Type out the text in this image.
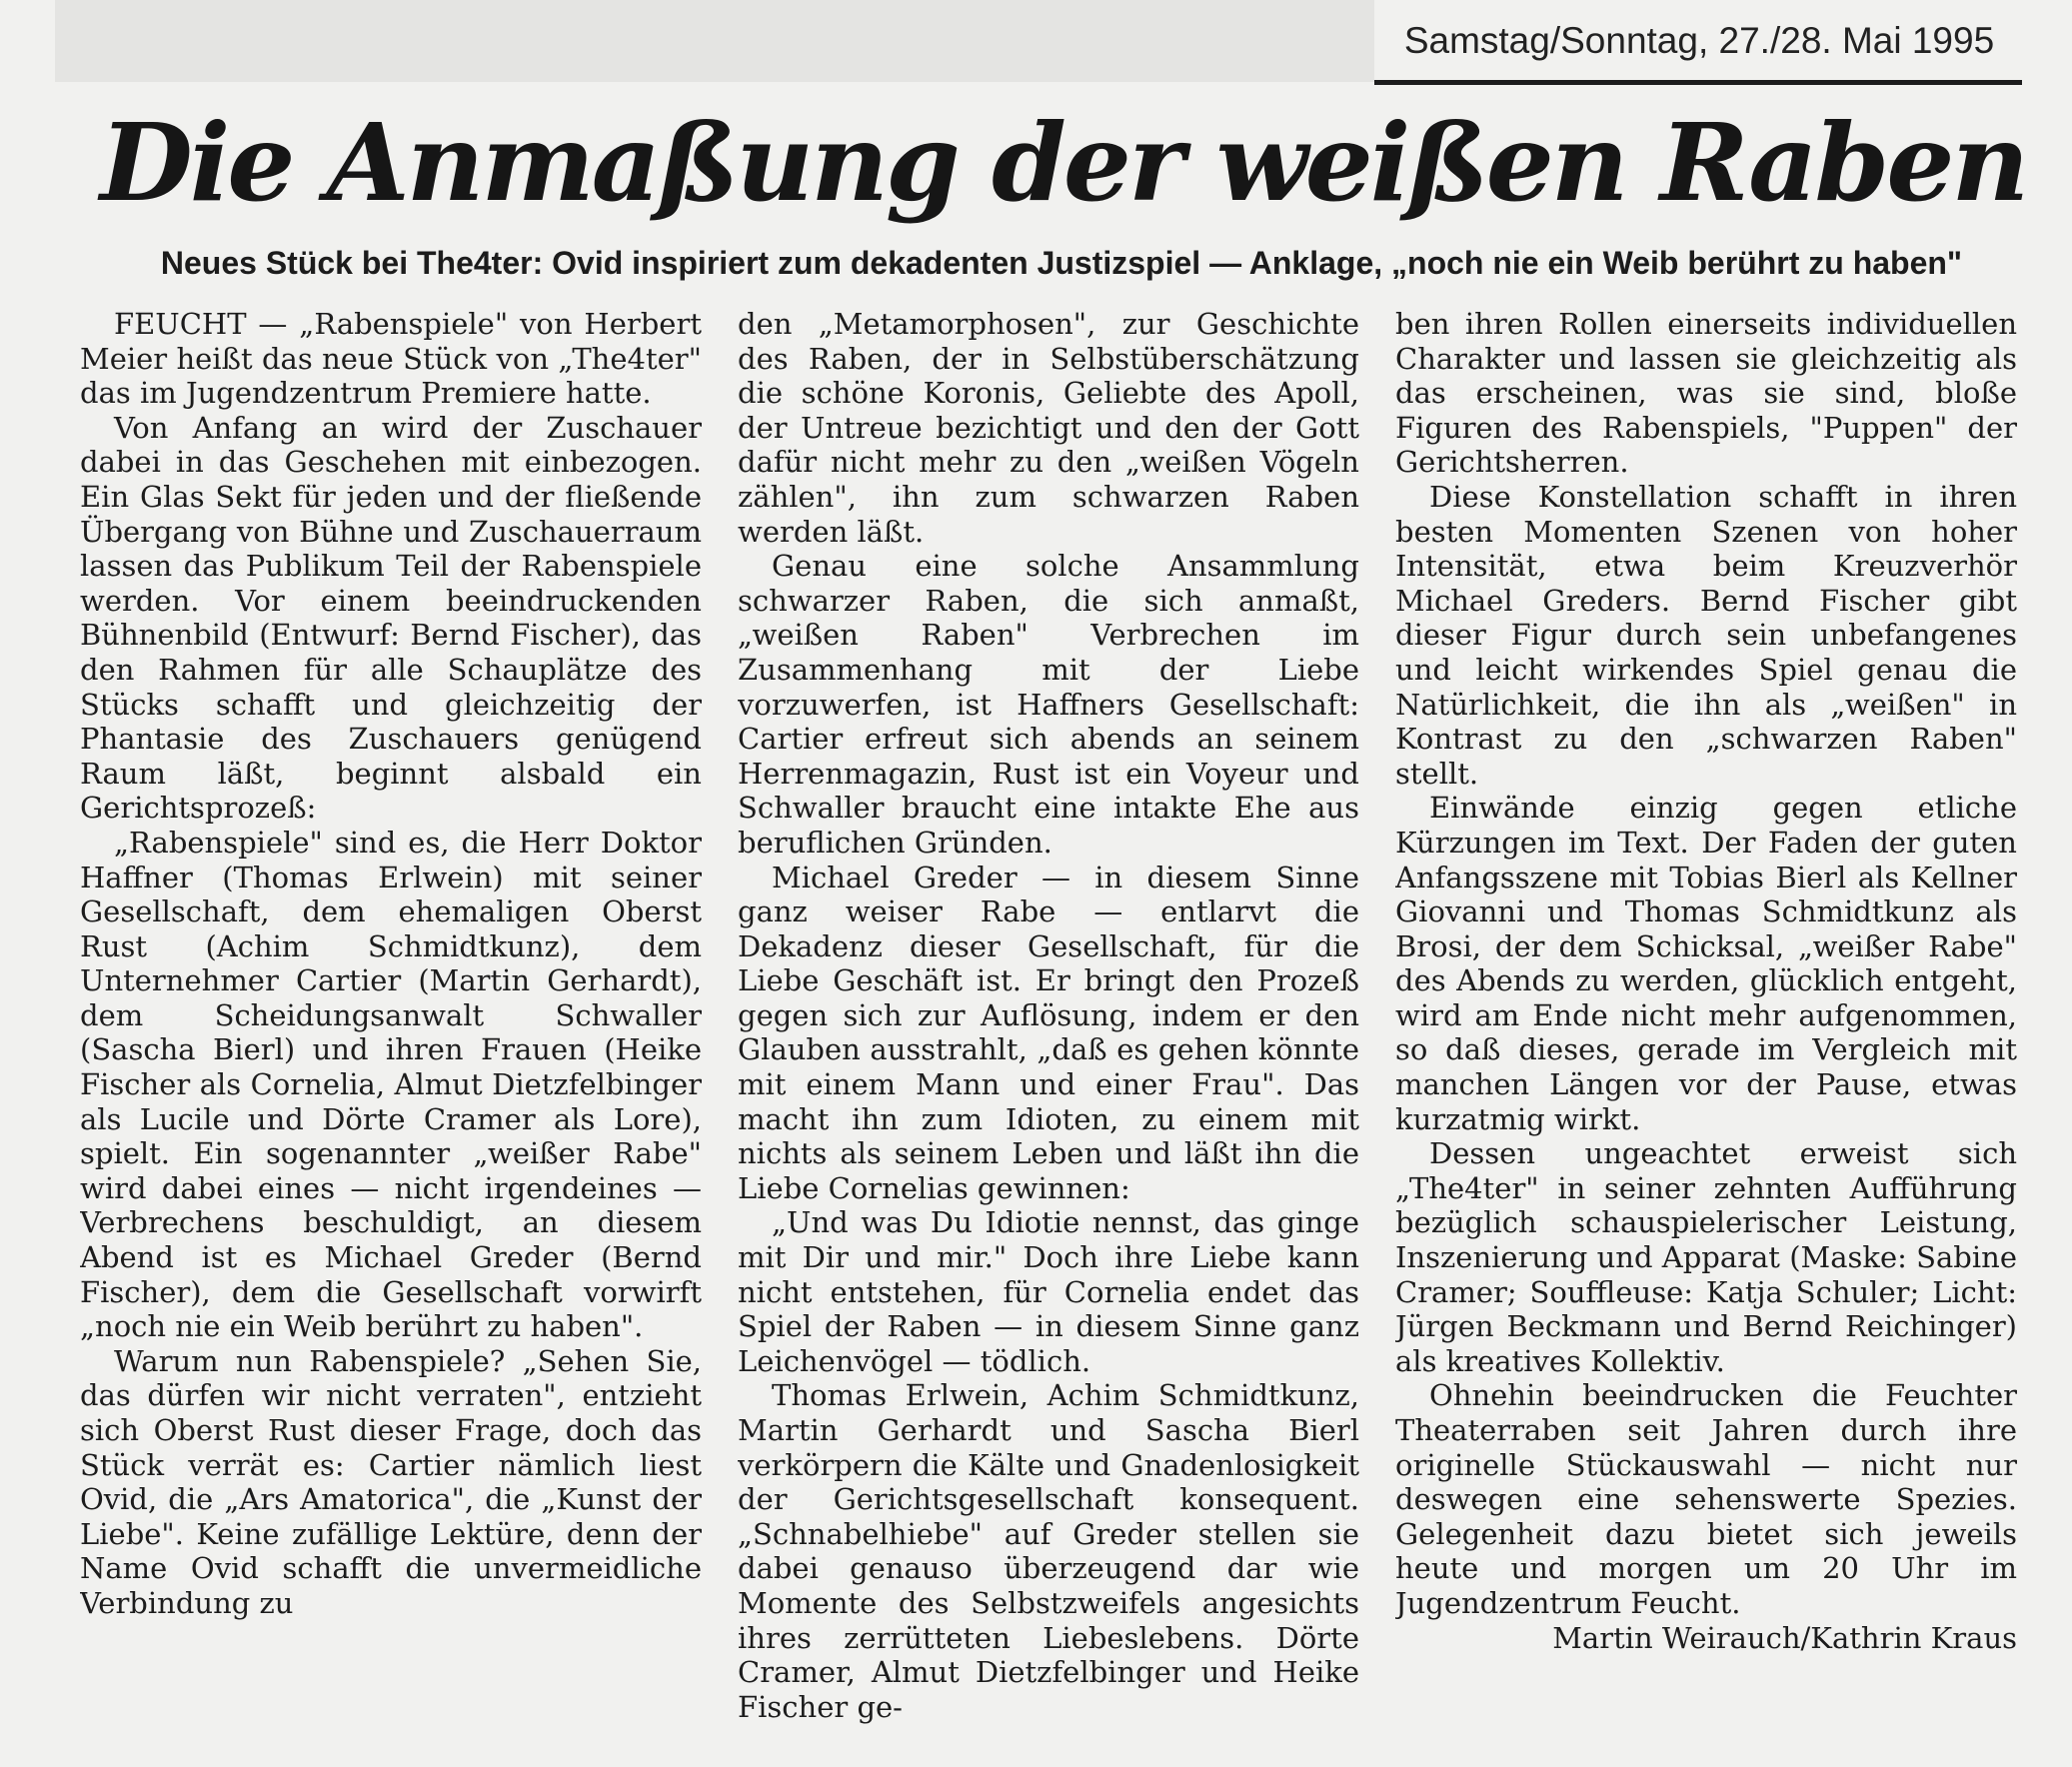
Samstag/Sonntag, 27./28. Mai 1995
Die Anmaßung der weißen Raben
Neues Stück bei The4ter: Ovid inspiriert zum dekadenten Justizspiel — Anklage, „noch nie ein Weib berührt zu haben"

FEUCHT — „Rabenspiele" von Herbert Meier heißt das neue Stück von „The4ter" das im Jugendzentrum Premiere hatte.

Von Anfang an wird der Zuschauer dabei in das Geschehen mit einbezogen. Ein Glas Sekt für jeden und der fließende Übergang von Bühne und Zuschauerraum lassen das Publikum Teil der Rabenspiele werden. Vor einem beeindruckenden Bühnenbild (Entwurf: Bernd Fischer), das den Rahmen für alle Schauplätze des Stücks schafft und gleichzeitig der Phantasie des Zuschauers genügend Raum läßt, beginnt alsbald ein Gerichtsprozeß:

„Rabenspiele" sind es, die Herr Doktor Haffner (Thomas Erlwein) mit seiner Gesellschaft, dem ehemaligen Oberst Rust (Achim Schmidtkunz), dem Unternehmer Cartier (Martin Gerhardt), dem Scheidungsanwalt Schwaller (Sascha Bierl) und ihren Frauen (Heike Fischer als Cornelia, Almut Dietzfelbinger als Lucile und Dörte Cramer als Lore), spielt. Ein sogenannter „weißer Rabe" wird dabei eines — nicht irgendeines — Verbrechens beschuldigt, an diesem Abend ist es Michael Greder (Bernd Fischer), dem die Gesellschaft vorwirft „noch nie ein Weib berührt zu haben".

Warum nun Rabenspiele? „Sehen Sie, das dürfen wir nicht verraten", entzieht sich Oberst Rust dieser Frage, doch das Stück verrät es: Cartier nämlich liest Ovid, die „Ars Amatorica", die „Kunst der Liebe". Keine zufällige Lektüre, denn der Name Ovid schafft die unvermeidliche Verbindung zu

den „Metamorphosen", zur Geschichte des Raben, der in Selbstüberschätzung die schöne Koronis, Geliebte des Apoll, der Untreue bezichtigt und den der Gott dafür nicht mehr zu den „weißen Vögeln zählen", ihn zum schwarzen Raben werden läßt.

Genau eine solche Ansammlung schwarzer Raben, die sich anmaßt, „weißen Raben" Verbrechen im Zusammenhang mit der Liebe vorzuwerfen, ist Haffners Gesellschaft: Cartier erfreut sich abends an seinem Herrenmagazin, Rust ist ein Voyeur und Schwaller braucht eine intakte Ehe aus beruflichen Gründen.

Michael Greder — in diesem Sinne ganz weiser Rabe — entlarvt die Dekadenz dieser Gesellschaft, für die Liebe Geschäft ist. Er bringt den Prozeß gegen sich zur Auflösung, indem er den Glauben ausstrahlt, „daß es gehen könnte mit einem Mann und einer Frau". Das macht ihn zum Idioten, zu einem mit nichts als seinem Leben und läßt ihn die Liebe Cornelias gewinnen:

„Und was Du Idiotie nennst, das ginge mit Dir und mir." Doch ihre Liebe kann nicht entstehen, für Cornelia endet das Spiel der Raben — in diesem Sinne ganz Leichenvögel — tödlich.

Thomas Erlwein, Achim Schmidtkunz, Martin Gerhardt und Sascha Bierl verkörpern die Kälte und Gnadenlosigkeit der Gerichtsgesellschaft konsequent. „Schnabelhiebe" auf Greder stellen sie dabei genauso überzeugend dar wie Momente des Selbstzweifels angesichts ihres zerrütteten Liebeslebens. Dörte Cramer, Almut Dietzfelbinger und Heike Fischer ge-

ben ihren Rollen einerseits individuellen Charakter und lassen sie gleichzeitig als das erscheinen, was sie sind, bloße Figuren des Rabenspiels, "Puppen" der Gerichtsherren.

Diese Konstellation schafft in ihren besten Momenten Szenen von hoher Intensität, etwa beim Kreuzverhör Michael Greders. Bernd Fischer gibt dieser Figur durch sein unbefangenes und leicht wirkendes Spiel genau die Natürlichkeit, die ihn als „weißen" in Kontrast zu den „schwarzen Raben" stellt.

Einwände einzig gegen etliche Kürzungen im Text. Der Faden der guten Anfangsszene mit Tobias Bierl als Kellner Giovanni und Thomas Schmidtkunz als Brosi, der dem Schicksal, „weißer Rabe" des Abends zu werden, glücklich entgeht, wird am Ende nicht mehr aufgenommen, so daß dieses, gerade im Vergleich mit manchen Längen vor der Pause, etwas kurzatmig wirkt.

Dessen ungeachtet erweist sich „The4ter" in seiner zehnten Aufführung bezüglich schauspielerischer Leistung, Inszenierung und Apparat (Maske: Sabine Cramer; Souffleuse: Katja Schuler; Licht: Jürgen Beckmann und Bernd Reichinger) als kreatives Kollektiv.

Ohnehin beeindrucken die Feuchter Theaterraben seit Jahren durch ihre originelle Stückauswahl — nicht nur deswegen eine sehenswerte Spezies. Gelegenheit dazu bietet sich jeweils heute und morgen um 20 Uhr im Jugendzentrum Feucht.

Martin Weirauch/Kathrin Kraus
